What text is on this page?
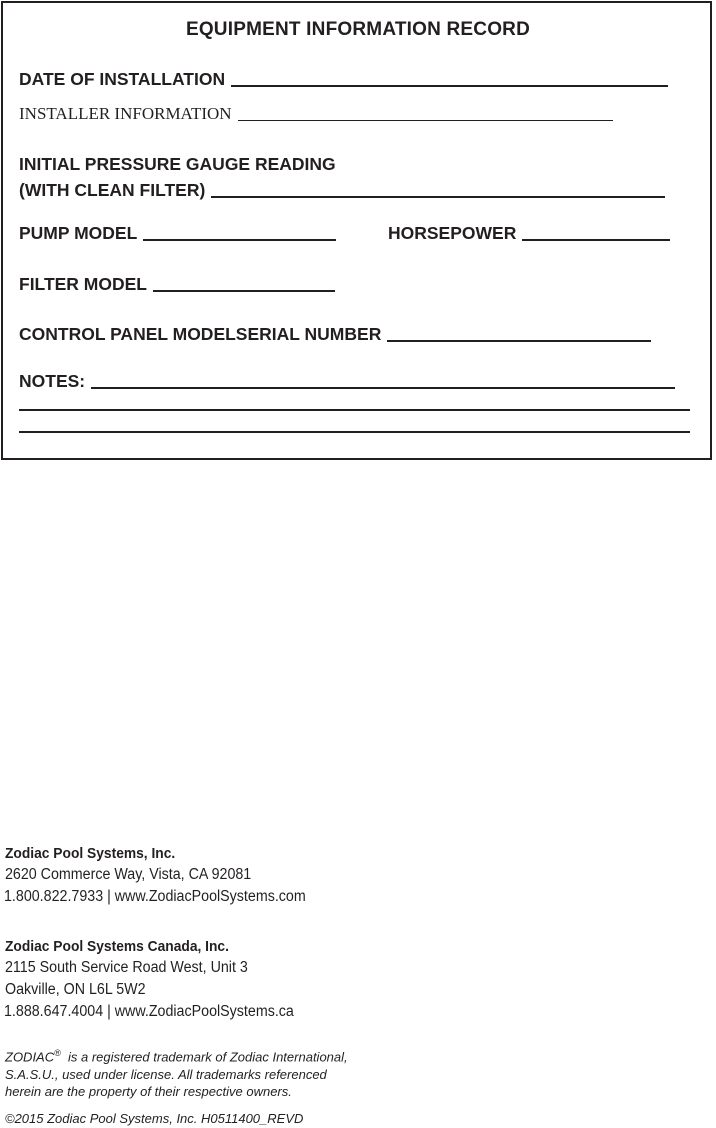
EQUIPMENT INFORMATION RECORD
DATE OF INSTALLATION
INSTALLER INFORMATION
INITIAL PRESSURE GAUGE READING
(WITH CLEAN FILTER)
PUMP MODEL	HORSEPOWER
FILTER MODEL
CONTROL PANEL MODELSERIAL NUMBER
NOTES:
Zodiac Pool Systems, Inc.
2620 Commerce Way, Vista, CA 92081
1.800.822.7933 | www.ZodiacPoolSystems.com
Zodiac Pool Systems Canada, Inc.
2115 South Service Road West, Unit 3
Oakville, ON L6L 5W2
1.888.647.4004 | www.ZodiacPoolSystems.ca
ZODIAC®  is a registered trademark of Zodiac International,
S.A.S.U., used under license. All trademarks referenced
herein are the property of their respective owners.
©2015 Zodiac Pool Systems, Inc. H0511400_REVD
